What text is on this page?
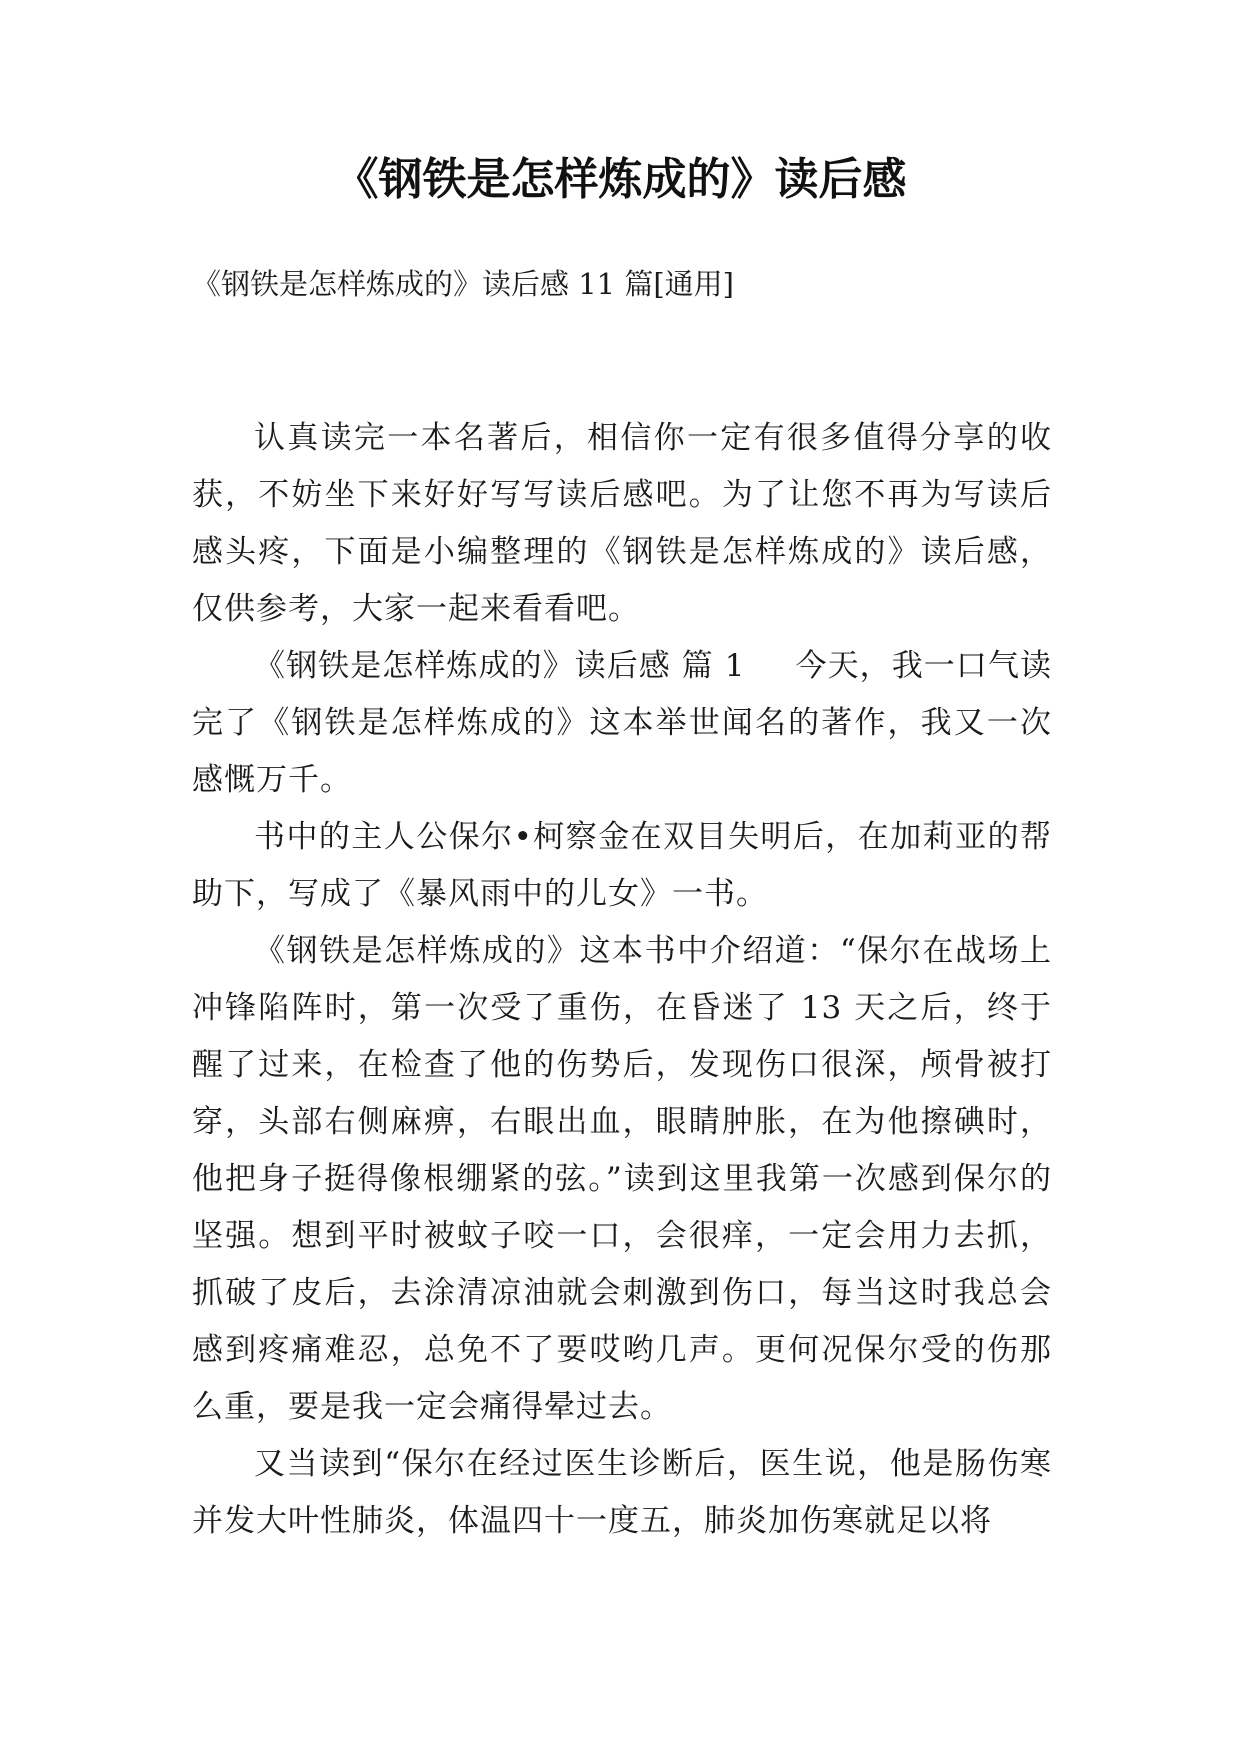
《钢铁是怎样炼成的》读后感

《钢铁是怎样炼成的》读后感 11 篇[通用]

认真读完一本名著后，相信你一定有很多值得分享的收获，不妨坐下来好好写写读后感吧。为了让您不再为写读后感头疼，下面是小编整理的《钢铁是怎样炼成的》读后感，仅供参考，大家一起来看看吧。

《钢铁是怎样炼成的》读后感 篇 1 今天，我一口气读完了《钢铁是怎样炼成的》这本举世闻名的著作，我又一次感慨万千。

书中的主人公保尔•柯察金在双目失明后，在加莉亚的帮助下，写成了《暴风雨中的儿女》一书。

《钢铁是怎样炼成的》这本书中介绍道：“保尔在战场上冲锋陷阵时，第一次受了重伤，在昏迷了 13 天之后，终于醒了过来，在检查了他的伤势后，发现伤口很深，颅骨被打穿，头部右侧麻痹，右眼出血，眼睛肿胀，在为他擦碘时，他把身子挺得像根绷紧的弦。”读到这里我第一次感到保尔的坚强。想到平时被蚊子咬一口，会很痒，一定会用力去抓，抓破了皮后，去涂清凉油就会刺激到伤口，每当这时我总会感到疼痛难忍，总免不了要哎哟几声。更何况保尔受的伤那么重，要是我一定会痛得晕过去。

又当读到“保尔在经过医生诊断后，医生说，他是肠伤寒并发大叶性肺炎，体温四十一度五，肺炎加伤寒就足以将
